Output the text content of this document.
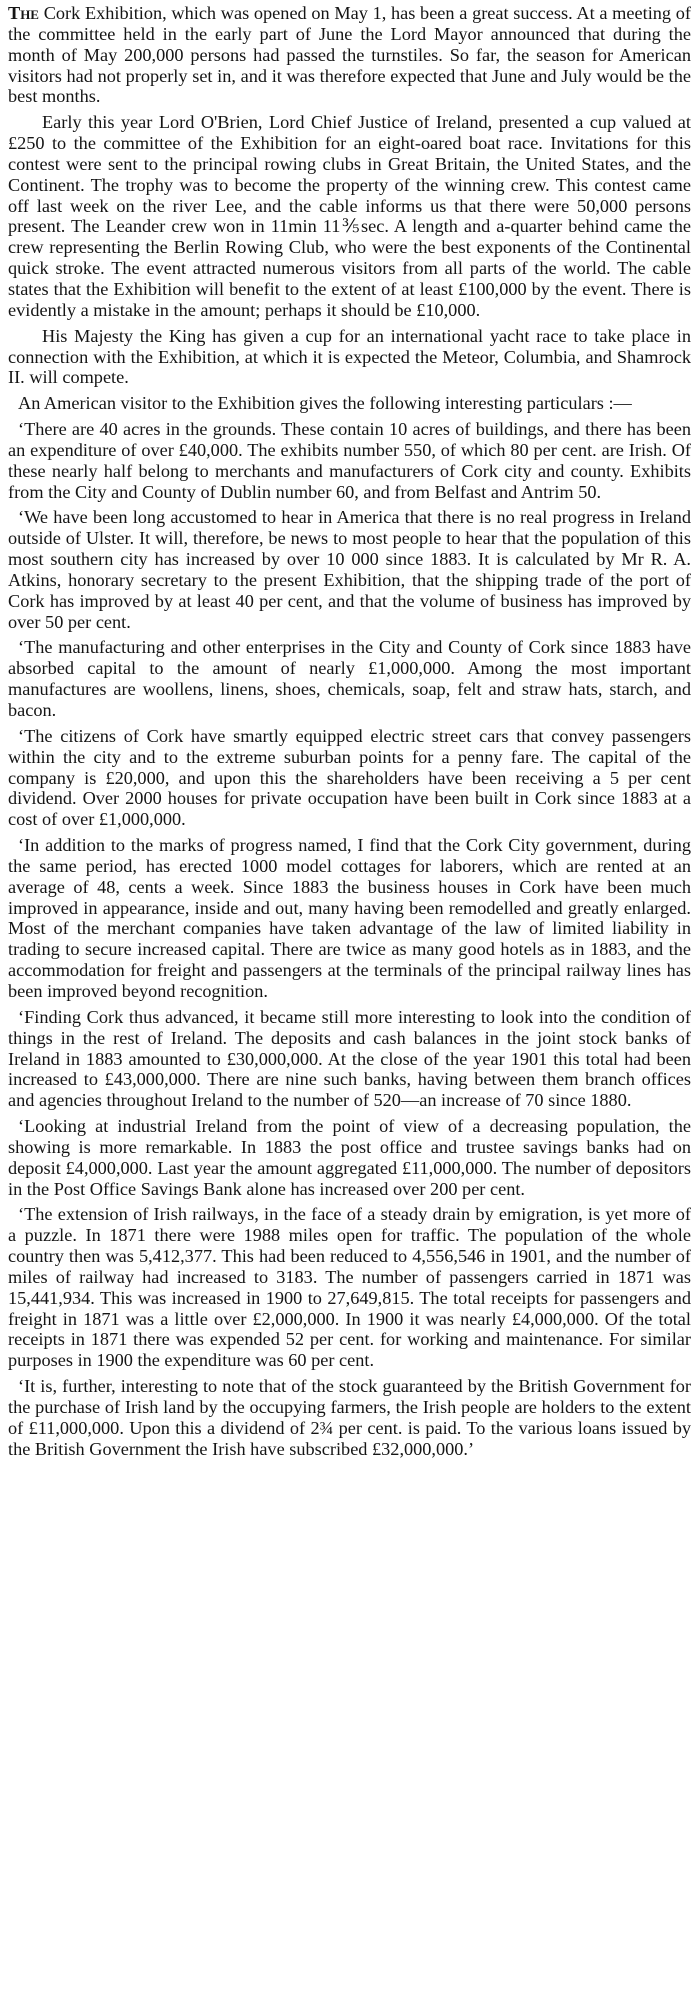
The Cork Exhibition, which was opened on May 1, has been a great success. At a meeting of the committee held in the early part of June the Lord Mayor announced that during the month of May 200,000 persons had passed the turnstiles. So far, the season for American visitors had not properly set in, and it was therefore expected that June and July would be the best months.

Early this year Lord O'Brien, Lord Chief Justice of Ireland, presented a cup valued at £250 to the committee of the Exhibition for an eight-oared boat race. Invitations for this contest were sent to the principal rowing clubs in Great Britain, the United States, and the Continent. The trophy was to become the property of the winning crew. This contest came off last week on the river Lee, and the cable informs us that there were 50,000 persons present. The Leander crew won in 11min 11⅗sec. A length and a-quarter behind came the crew representing the Berlin Rowing Club, who were the best exponents of the Continental quick stroke. The event attracted numerous visitors from all parts of the world. The cable states that the Exhibition will benefit to the extent of at least £100,000 by the event. There is evidently a mistake in the amount; perhaps it should be £10,000.

His Majesty the King has given a cup for an international yacht race to take place in connection with the Exhibition, at which it is expected the Meteor, Columbia, and Shamrock II. will compete.

An American visitor to the Exhibition gives the following interesting particulars :—

‘There are 40 acres in the grounds. These contain 10 acres of buildings, and there has been an expenditure of over £40,000. The exhibits number 550, of which 80 per cent. are Irish. Of these nearly half belong to merchants and manufacturers of Cork city and county. Exhibits from the City and County of Dublin number 60, and from Belfast and Antrim 50.

‘We have been long accustomed to hear in America that there is no real progress in Ireland outside of Ulster. It will, therefore, be news to most people to hear that the population of this most southern city has increased by over 10 000 since 1883. It is calculated by Mr R. A. Atkins, honorary secretary to the present Exhibition, that the shipping trade of the port of Cork has improved by at least 40 per cent, and that the volume of business has improved by over 50 per cent.

‘The manufacturing and other enterprises in the City and County of Cork since 1883 have absorbed capital to the amount of nearly £1,000,000. Among the most important manufactures are woollens, linens, shoes, chemicals, soap, felt and straw hats, starch, and bacon.

‘The citizens of Cork have smartly equipped electric street cars that convey passengers within the city and to the extreme suburban points for a penny fare. The capital of the company is £20,000, and upon this the shareholders have been receiving a 5 per cent dividend. Over 2000 houses for private occupation have been built in Cork since 1883 at a cost of over £1,000,000.

‘In addition to the marks of progress named, I find that the Cork City government, during the same period, has erected 1000 model cottages for laborers, which are rented at an average of 48, cents a week. Since 1883 the business houses in Cork have been much improved in appearance, inside and out, many having been remodelled and greatly enlarged. Most of the merchant companies have taken advantage of the law of limited liability in trading to secure increased capital. There are twice as many good hotels as in 1883, and the accommodation for freight and passengers at the terminals of the principal railway lines has been improved beyond recognition.

‘Finding Cork thus advanced, it became still more interesting to look into the condition of things in the rest of Ireland. The deposits and cash balances in the joint stock banks of Ireland in 1883 amounted to £30,000,000. At the close of the year 1901 this total had been increased to £43,000,000. There are nine such banks, having between them branch offices and agencies throughout Ireland to the number of 520—an increase of 70 since 1880.

‘Looking at industrial Ireland from the point of view of a decreasing population, the showing is more remarkable. In 1883 the post office and trustee savings banks had on deposit £4,000,000. Last year the amount aggregated £11,000,000. The number of depositors in the Post Office Savings Bank alone has increased over 200 per cent.

‘The extension of Irish railways, in the face of a steady drain by emigration, is yet more of a puzzle. In 1871 there were 1988 miles open for traffic. The population of the whole country then was 5,412,377. This had been reduced to 4,556,546 in 1901, and the number of miles of railway had increased to 3183. The number of passengers carried in 1871 was 15,441,934. This was increased in 1900 to 27,649,815. The total receipts for passengers and freight in 1871 was a little over £2,000,000. In 1900 it was nearly £4,000,000. Of the total receipts in 1871 there was expended 52 per cent. for working and maintenance. For similar purposes in 1900 the expenditure was 60 per cent.

‘It is, further, interesting to note that of the stock guaranteed by the British Government for the purchase of Irish land by the occupying farmers, the Irish people are holders to the extent of £11,000,000. Upon this a dividend of 2¾ per cent. is paid. To the various loans issued by the British Government the Irish have subscribed £32,000,000.’
